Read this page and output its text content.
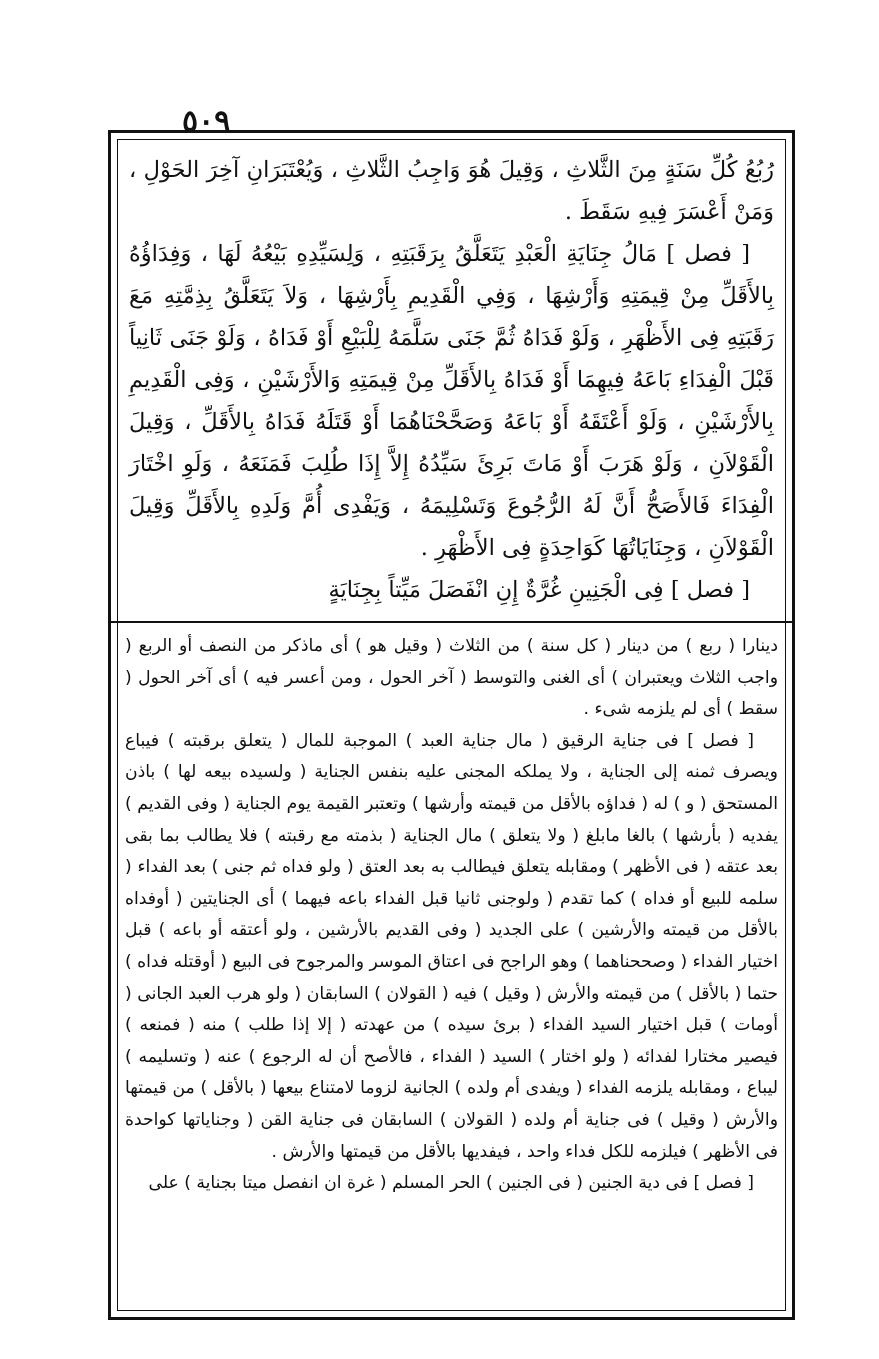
٥٠٩

رُبُعُ كُلِّ سَنَةٍ مِنَ الثَّلاثِ ، وَقِيلَ هُوَ وَاجِبُ الثَّلاثِ ، وَيُعْتَبَرَانِ آخِرَ الحَوْلِ ، وَمَنْ أَعْسَرَ فِيهِ سَقَطَ .

[ فصل ] مَالُ جِنَايَةِ الْعَبْدِ يَتَعَلَّقُ بِرَقَبَتِهِ ، وَلِسَيِّدِهِ بَيْعُهُ لَهَا ، وَفِدَاؤُهُ بِالأَقَلِّ مِنْ قِيمَتِهِ وَأَرْشِهَا ، وَفِي الْقَدِيمِ بِأَرْشِهَا ، وَلاَ يَتَعَلَّقُ بِذِمَّتِهِ مَعَ رَقَبَتِهِ فِى الأَظْهَرِ ، وَلَوْ فَدَاهُ ثُمَّ جَنَى سَلَّمَهُ لِلْبَيْعِ أَوْ فَدَاهُ ، وَلَوْ جَنَى ثَانِياً قَبْلَ الْفِدَاءِ بَاعَهُ فِيهِمَا أَوْ فَدَاهُ بِالأَقَلِّ مِنْ قِيمَتِهِ وَالأَرْشَيْنِ ، وَفِى الْقَدِيمِ بِالأَرْشَيْنِ ، وَلَوْ أَعْتَقَهُ أَوْ بَاعَهُ وَصَحَّحْنَاهُمَا أَوْ قَتَلَهُ فَدَاهُ بِالأَقَلِّ ، وَقِيلَ الْقَوْلاَنِ ، وَلَوْ هَرَبَ أَوْ مَاتَ بَرِئَ سَيِّدُهُ إِلاَّ إِذَا طُلِبَ فَمَنَعَهُ ، وَلَوِ اخْتَارَ الْفِدَاءَ فَالأَصَحُّ أَنَّ لَهُ الرُّجُوعَ وَتَسْلِيمَهُ ، وَيَفْدِى أُمَّ وَلَدِهِ بِالأَقَلِّ وَقِيلَ الْقَوْلاَنِ ، وَجِنَايَاتُهَا كَوَاحِدَةٍ فِى الأَظْهَرِ .

[ فصل ] فِى الْجَنِينِ غُرَّةٌ إِنِ انْفَصَلَ مَيِّتاً بِجِنَايَةٍ

دينارا ( ربع ) من دينار ( كل سنة ) من الثلاث ( وقيل هو ) أى ماذكر من النصف أو الربع ( واجب الثلاث ويعتبران ) أى الغنى والتوسط ( آخر الحول ، ومن أعسر فيه ) أى آخر الحول ( سقط ) أى لم يلزمه شىء .

[ فصل ] فى جناية الرقيق ( مال جناية العبد ) الموجبة للمال ( يتعلق برقبته ) فيباع ويصرف ثمنه إلى الجناية ، ولا يملكه المجنى عليه بنفس الجناية ( ولسيده بيعه لها ) باذن المستحق ( و ) له ( فداؤه بالأقل من قيمته وأرشها ) وتعتبر القيمة يوم الجناية ( وفى القديم ) يفديه ( بأرشها ) بالغا مابلغ ( ولا يتعلق ) مال الجناية ( بذمته مع رقبته ) فلا يطالب بما بقى بعد عتقه ( فى الأظهر ) ومقابله يتعلق فيطالب به بعد العتق ( ولو فداه ثم جنى ) بعد الفداء ( سلمه للبيع أو فداه ) كما تقدم ( ولوجنى ثانيا قبل الفداء باعه فيهما ) أى الجنايتين ( أوفداه بالأقل من قيمته والأرشين ) على الجديد ( وفى القديم بالأرشين ، ولو أعتقه أو باعه ) قبل اختيار الفداء ( وصححناهما ) وهو الراجح فى اعتاق الموسر والمرجوح فى البيع ( أوقتله فداه ) حتما ( بالأقل ) من قيمته والأرش ( وقيل ) فيه ( القولان ) السابقان ( ولو هرب العبد الجانى ( أومات ) قبل اختيار السيد الفداء ( برئ سيده ) من عهدته ( إلا إذا طلب ) منه ( فمنعه ) فيصير مختارا لفدائه ( ولو اختار ) السيد ( الفداء ، فالأصح أن له الرجوع ) عنه ( وتسليمه ) ليباع ، ومقابله يلزمه الفداء ( ويفدى أم ولده ) الجانية لزوما لامتناع بيعها ( بالأقل ) من قيمتها والأرش ( وقيل ) فى جناية أم ولده ( القولان ) السابقان فى جناية القن ( وجناياتها كواحدة فى الأظهر ) فيلزمه للكل فداء واحد ، فيفديها بالأقل من قيمتها والأرش .

[ فصل ] فى دية الجنين ( فى الجنين ) الحر المسلم ( غرة ان انفصل ميتا بجناية ) على
